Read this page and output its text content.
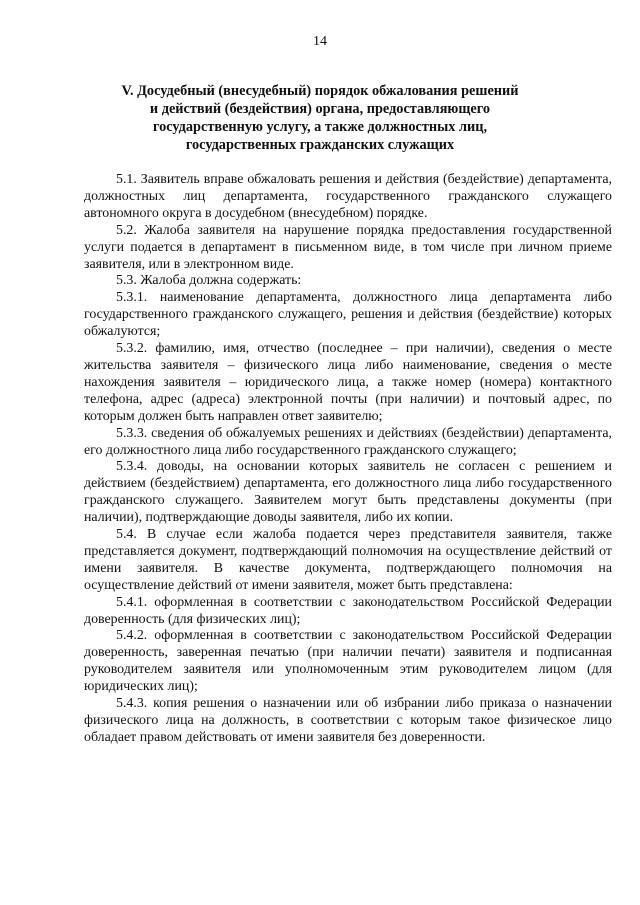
14
V. Досудебный (внесудебный) порядок обжалования решений
и действий (бездействия) органа, предоставляющего
государственную услугу, а также должностных лиц,
государственных гражданских служащих

5.1. Заявитель вправе обжаловать решения и действия (бездействие) департамента, должностных лиц департамента, государственного гражданского служащего автономного округа в досудебном (внесудебном) порядке.

5.2. Жалоба заявителя на нарушение порядка предоставления государственной услуги подается в департамент в письменном виде, в том числе при личном приеме заявителя, или в электронном виде.

5.3. Жалоба должна содержать:

5.3.1. наименование департамента, должностного лица департамента либо государственного гражданского служащего, решения и действия (бездействие) которых обжалуются;

5.3.2. фамилию, имя, отчество (последнее – при наличии), сведения о месте жительства заявителя – физического лица либо наименование, сведения о месте нахождения заявителя – юридического лица, а также номер (номера) контактного телефона, адрес (адреса) электронной почты (при наличии) и почтовый адрес, по которым должен быть направлен ответ заявителю;

5.3.3. сведения об обжалуемых решениях и действиях (бездействии) департамента, его должностного лица либо государственного гражданского служащего;

5.3.4. доводы, на основании которых заявитель не согласен с решением и действием (бездействием) департамента, его должностного лица либо государственного гражданского служащего. Заявителем могут быть представлены документы (при наличии), подтверждающие доводы заявителя, либо их копии.

5.4. В случае если жалоба подается через представителя заявителя, также представляется документ, подтверждающий полномочия на осуществление действий от имени заявителя. В качестве документа, подтверждающего полномочия на осуществление действий от имени заявителя, может быть представлена:

5.4.1. оформленная в соответствии с законодательством Российской Федерации доверенность (для физических лиц);

5.4.2. оформленная в соответствии с законодательством Российской Федерации доверенность, заверенная печатью (при наличии печати) заявителя и подписанная руководителем заявителя или уполномоченным этим руководителем лицом (для юридических лиц);

5.4.3. копия решения о назначении или об избрании либо приказа о назначении физического лица на должность, в соответствии с которым такое физическое лицо обладает правом действовать от имени заявителя без доверенности.
